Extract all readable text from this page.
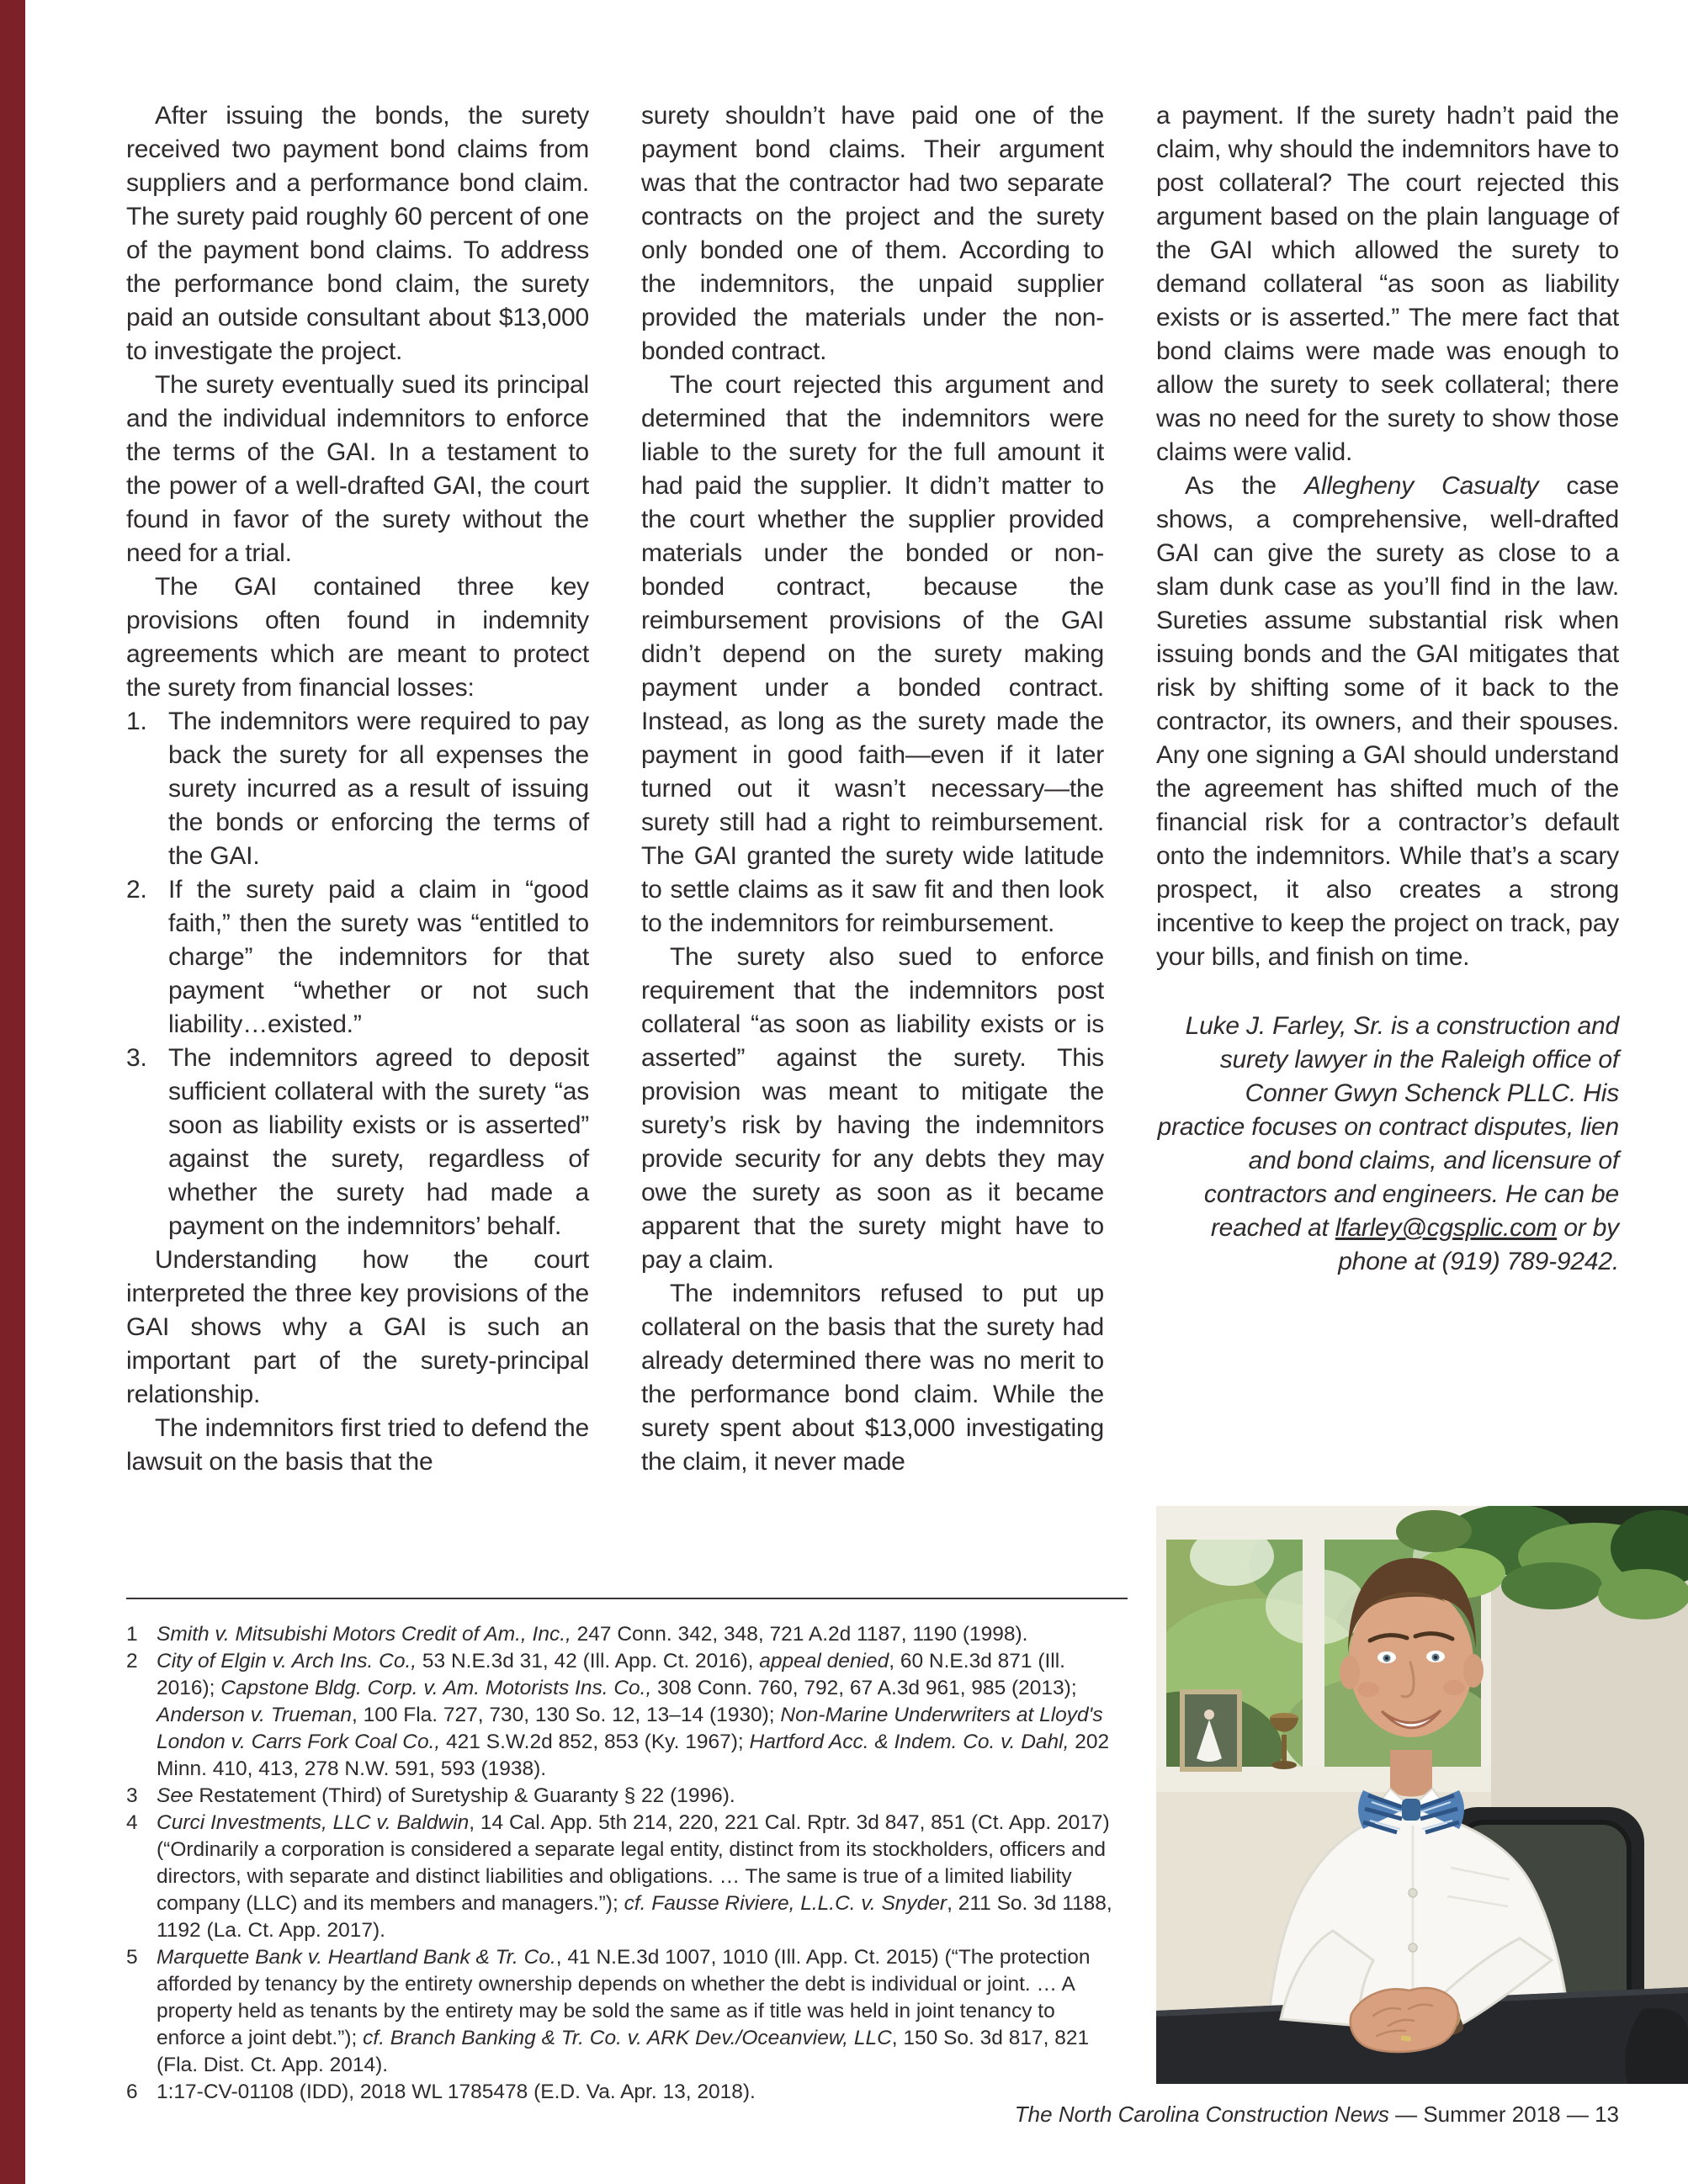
After issuing the bonds, the surety received two payment bond claims from suppliers and a performance bond claim. The surety paid roughly 60 percent of one of the payment bond claims. To address the performance bond claim, the surety paid an outside consultant about $13,000 to investigate the project.

The surety eventually sued its principal and the individual indemnitors to enforce the terms of the GAI. In a testament to the power of a well-drafted GAI, the court found in favor of the surety without the need for a trial.

The GAI contained three key provisions often found in indemnity agreements which are meant to protect the surety from financial losses:

1. The indemnitors were required to pay back the surety for all expenses the surety incurred as a result of issuing the bonds or enforcing the terms of the GAI.
2. If the surety paid a claim in “good faith,” then the surety was “entitled to charge” the indemnitors for that payment “whether or not such liability…existed.”
3. The indemnitors agreed to deposit sufficient collateral with the surety “as soon as liability exists or is asserted” against the surety, regardless of whether the surety had made a payment on the indemnitors’ behalf.

Understanding how the court interpreted the three key provisions of the GAI shows why a GAI is such an important part of the surety-principal relationship.

The indemnitors first tried to defend the lawsuit on the basis that the

surety shouldn’t have paid one of the payment bond claims. Their argument was that the contractor had two separate contracts on the project and the surety only bonded one of them. According to the indemnitors, the unpaid supplier provided the materials under the non-bonded contract.

The court rejected this argument and determined that the indemnitors were liable to the surety for the full amount it had paid the supplier. It didn’t matter to the court whether the supplier provided materials under the bonded or non-bonded contract, because the reimbursement provisions of the GAI didn’t depend on the surety making payment under a bonded contract. Instead, as long as the surety made the payment in good faith—even if it later turned out it wasn’t necessary—the surety still had a right to reimbursement. The GAI granted the surety wide latitude to settle claims as it saw fit and then look to the indemnitors for reimbursement.

The surety also sued to enforce requirement that the indemnitors post collateral “as soon as liability exists or is asserted” against the surety. This provision was meant to mitigate the surety’s risk by having the indemnitors provide security for any debts they may owe the surety as soon as it became apparent that the surety might have to pay a claim.

The indemnitors refused to put up collateral on the basis that the surety had already determined there was no merit to the performance bond claim. While the surety spent about $13,000 investigating the claim, it never made

a payment. If the surety hadn’t paid the claim, why should the indemnitors have to post collateral? The court rejected this argument based on the plain language of the GAI which allowed the surety to demand collateral “as soon as liability exists or is asserted.” The mere fact that bond claims were made was enough to allow the surety to seek collateral; there was no need for the surety to show those claims were valid.

As the Allegheny Casualty case shows, a comprehensive, well-drafted GAI can give the surety as close to a slam dunk case as you’ll find in the law. Sureties assume substantial risk when issuing bonds and the GAI mitigates that risk by shifting some of it back to the contractor, its owners, and their spouses. Any one signing a GAI should understand the agreement has shifted much of the financial risk for a contractor’s default onto the indemnitors. While that’s a scary prospect, it also creates a strong incentive to keep the project on track, pay your bills, and finish on time.

Luke J. Farley, Sr. is a construction and surety lawyer in the Raleigh office of Conner Gwyn Schenck PLLC. His practice focuses on contract disputes, lien and bond claims, and licensure of contractors and engineers. He can be reached at lfarley@cgsplic.com or by phone at (919) 789-9242.
1 Smith v. Mitsubishi Motors Credit of Am., Inc., 247 Conn. 342, 348, 721 A.2d 1187, 1190 (1998).
2 City of Elgin v. Arch Ins. Co., 53 N.E.3d 31, 42 (Ill. App. Ct. 2016), appeal denied, 60 N.E.3d 871 (Ill. 2016); Capstone Bldg. Corp. v. Am. Motorists Ins. Co., 308 Conn. 760, 792, 67 A.3d 961, 985 (2013); Anderson v. Trueman, 100 Fla. 727, 730, 130 So. 12, 13–14 (1930); Non-Marine Underwriters at Lloyd's London v. Carrs Fork Coal Co., 421 S.W.2d 852, 853 (Ky. 1967); Hartford Acc. & Indem. Co. v. Dahl, 202 Minn. 410, 413, 278 N.W. 591, 593 (1938).
3 See Restatement (Third) of Suretyship & Guaranty § 22 (1996).
4 Curci Investments, LLC v. Baldwin, 14 Cal. App. 5th 214, 220, 221 Cal. Rptr. 3d 847, 851 (Ct. App. 2017) (“Ordinarily a corporation is considered a separate legal entity, distinct from its stockholders, officers and directors, with separate and distinct liabilities and obligations. … The same is true of a limited liability company (LLC) and its members and managers.”); cf. Fausse Riviere, L.L.C. v. Snyder, 211 So. 3d 1188, 1192 (La. Ct. App. 2017).
5 Marquette Bank v. Heartland Bank & Tr. Co., 41 N.E.3d 1007, 1010 (Ill. App. Ct. 2015) (“The protection afforded by tenancy by the entirety ownership depends on whether the debt is individual or joint. … A property held as tenants by the entirety may be sold the same as if title was held in joint tenancy to enforce a joint debt.”); cf. Branch Banking & Tr. Co. v. ARK Dev./Oceanview, LLC, 150 So. 3d 817, 821 (Fla. Dist. Ct. App. 2014).
6 1:17-CV-01108 (IDD), 2018 WL 1785478 (E.D. Va. Apr. 13, 2018).
The North Carolina Construction News — Summer 2018 — 13
